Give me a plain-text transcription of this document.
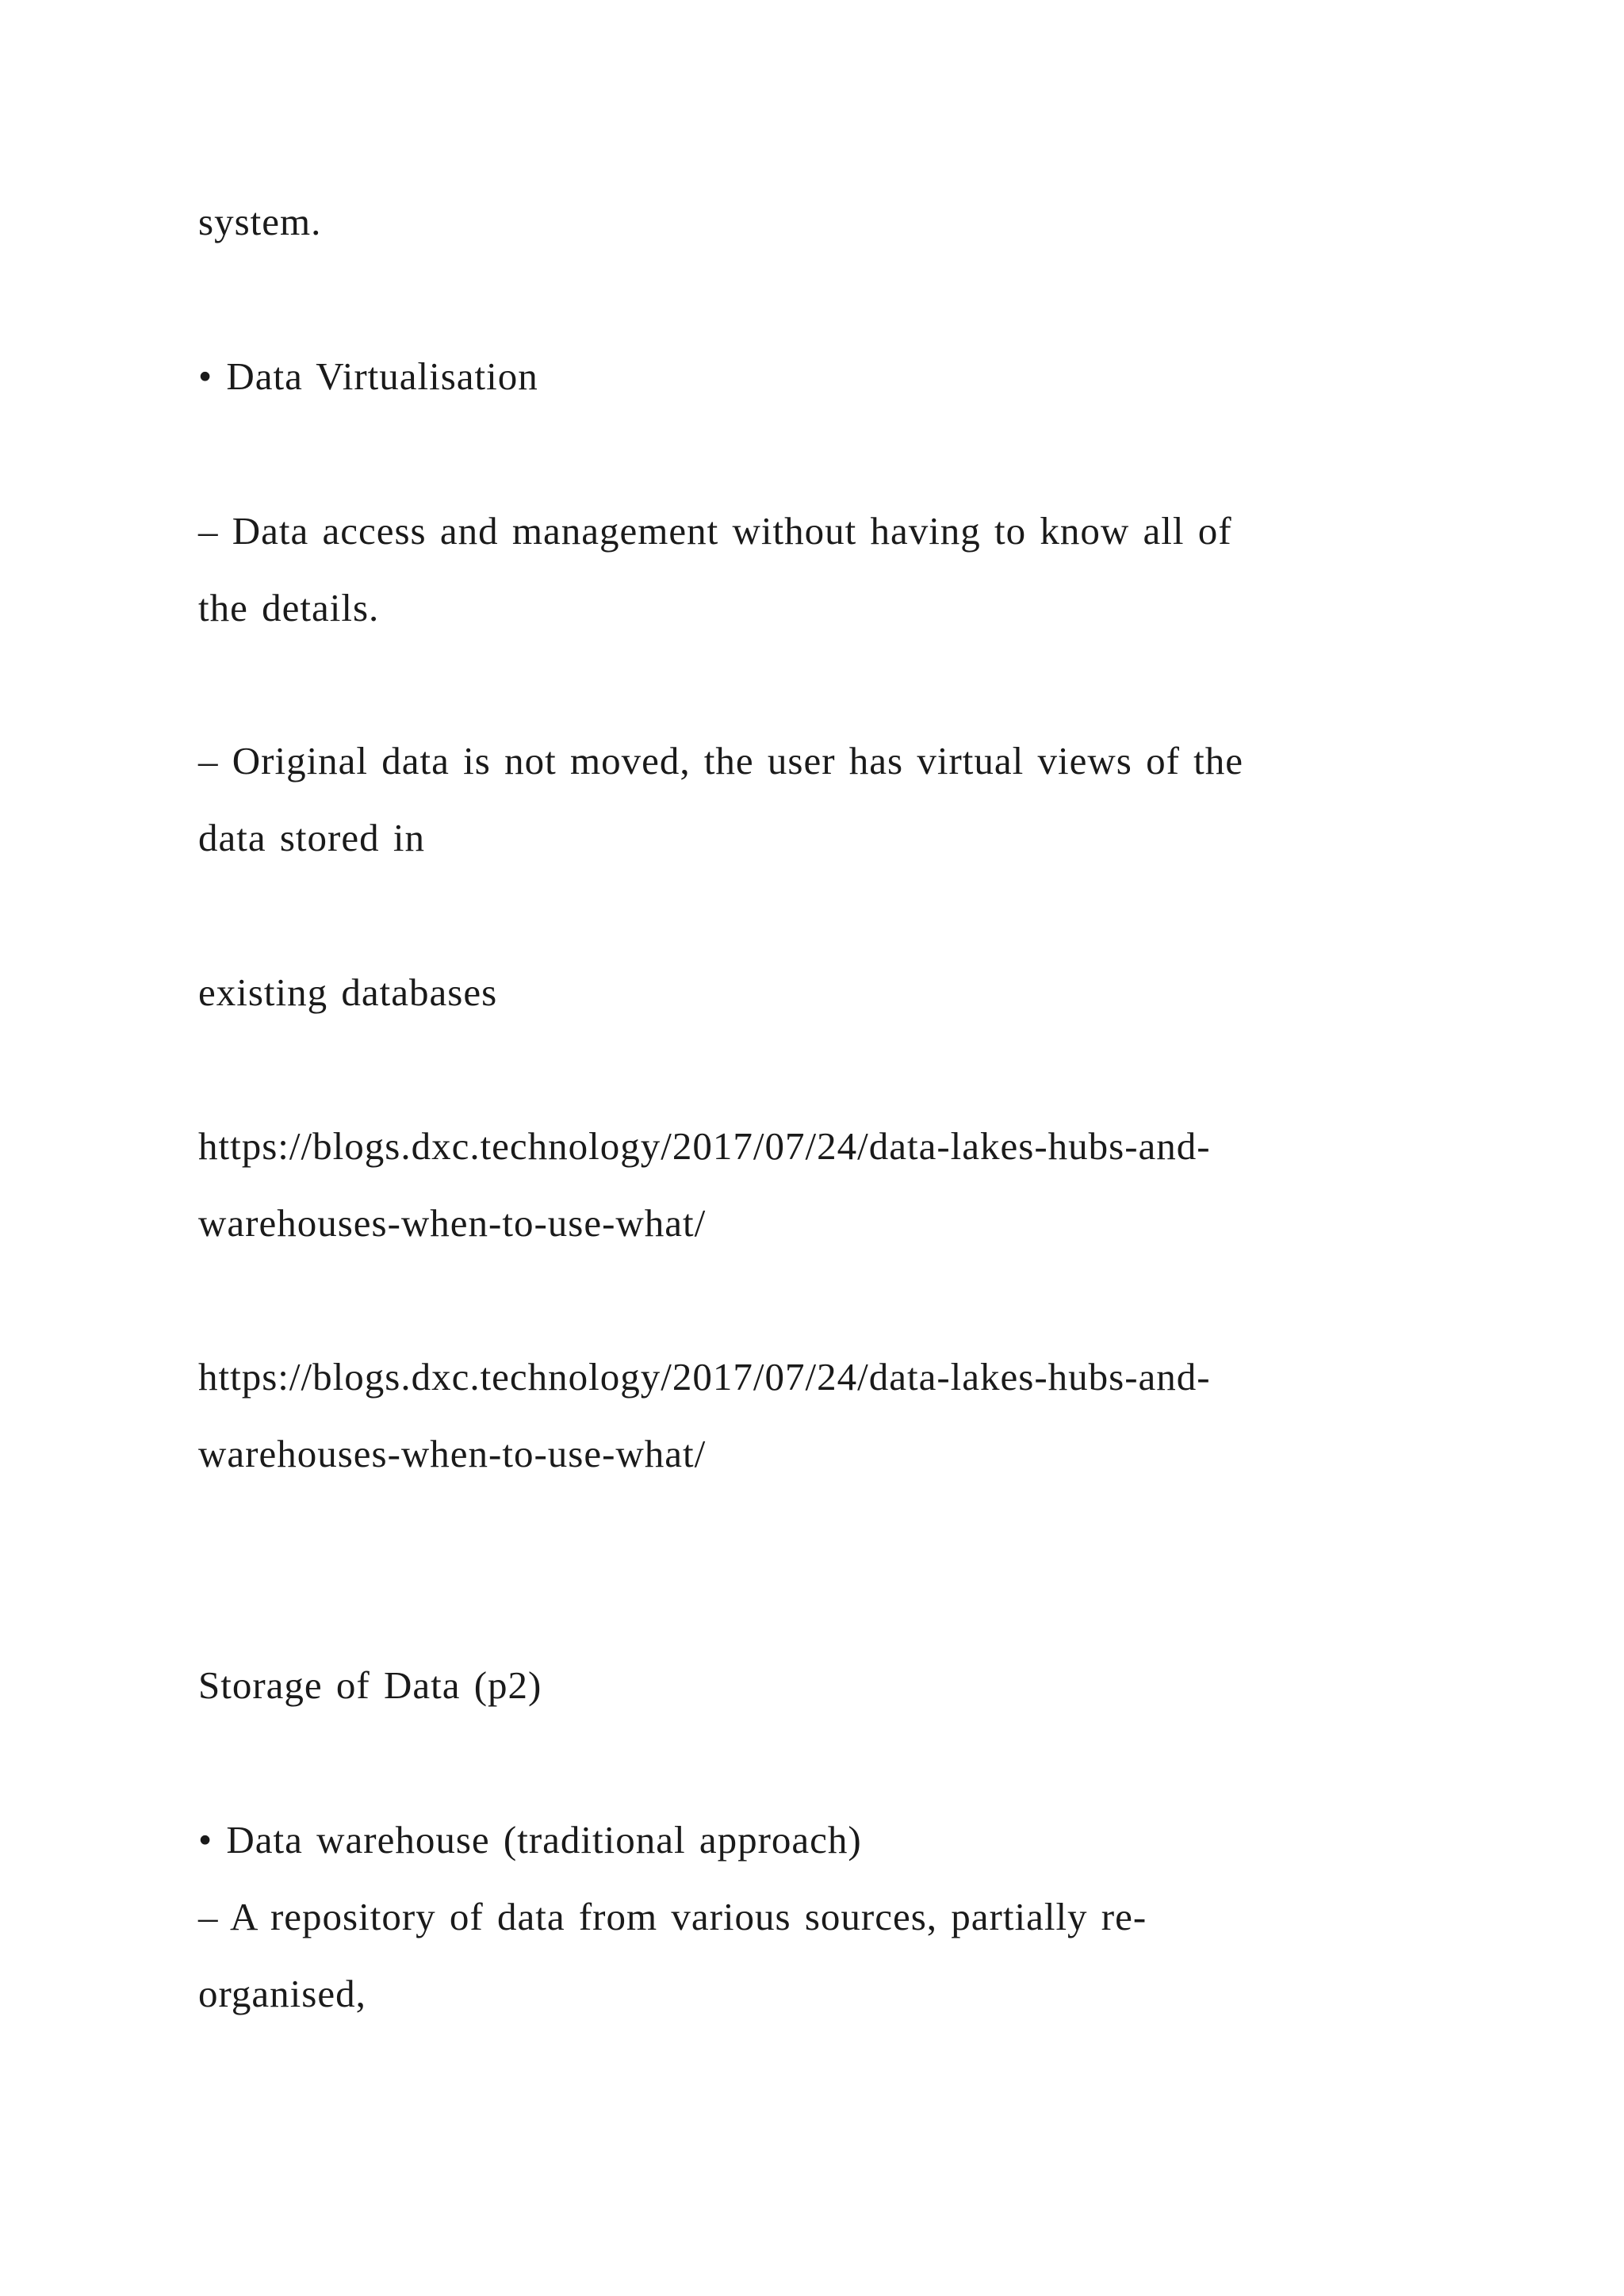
system.
• Data Virtualisation
– Data access and management without having to know all of
the details.
– Original data is not moved, the user has virtual views of the
data stored in
existing databases
https://blogs.dxc.technology/2017/07/24/data-lakes-hubs-and-
warehouses-when-to-use-what/
https://blogs.dxc.technology/2017/07/24/data-lakes-hubs-and-
warehouses-when-to-use-what/
Storage of Data (p2)
• Data warehouse (traditional approach)
– A repository of data from various sources, partially re-
organised,
